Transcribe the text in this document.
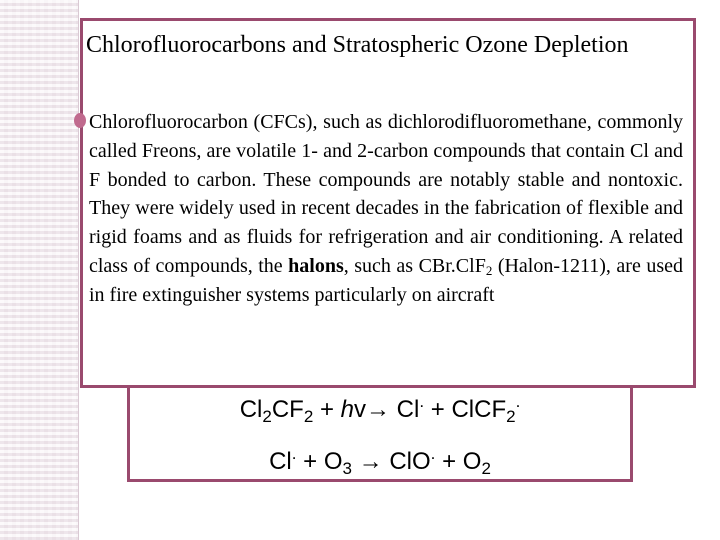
Chlorofluorocarbons and Stratospheric Ozone Depletion
Chlorofluorocarbon (CFCs), such as dichlorodifluoromethane, commonly called Freons, are volatile 1- and 2-carbon compounds that contain Cl and F bonded to carbon. These compounds are notably stable and nontoxic. They were widely used in recent decades in the fabrication of flexible and rigid foams and as fluids for refrigeration and air conditioning. A related class of compounds, the halons, such as CBr.ClF$_2$ (Halon-1211), are used in fire extinguisher systems particularly on aircraft
$Cl_2CF_2 + hv\to Cl^.$ + ClCF$_2$.
$Cl^. + O_3 \to ClO^. + O_2$
